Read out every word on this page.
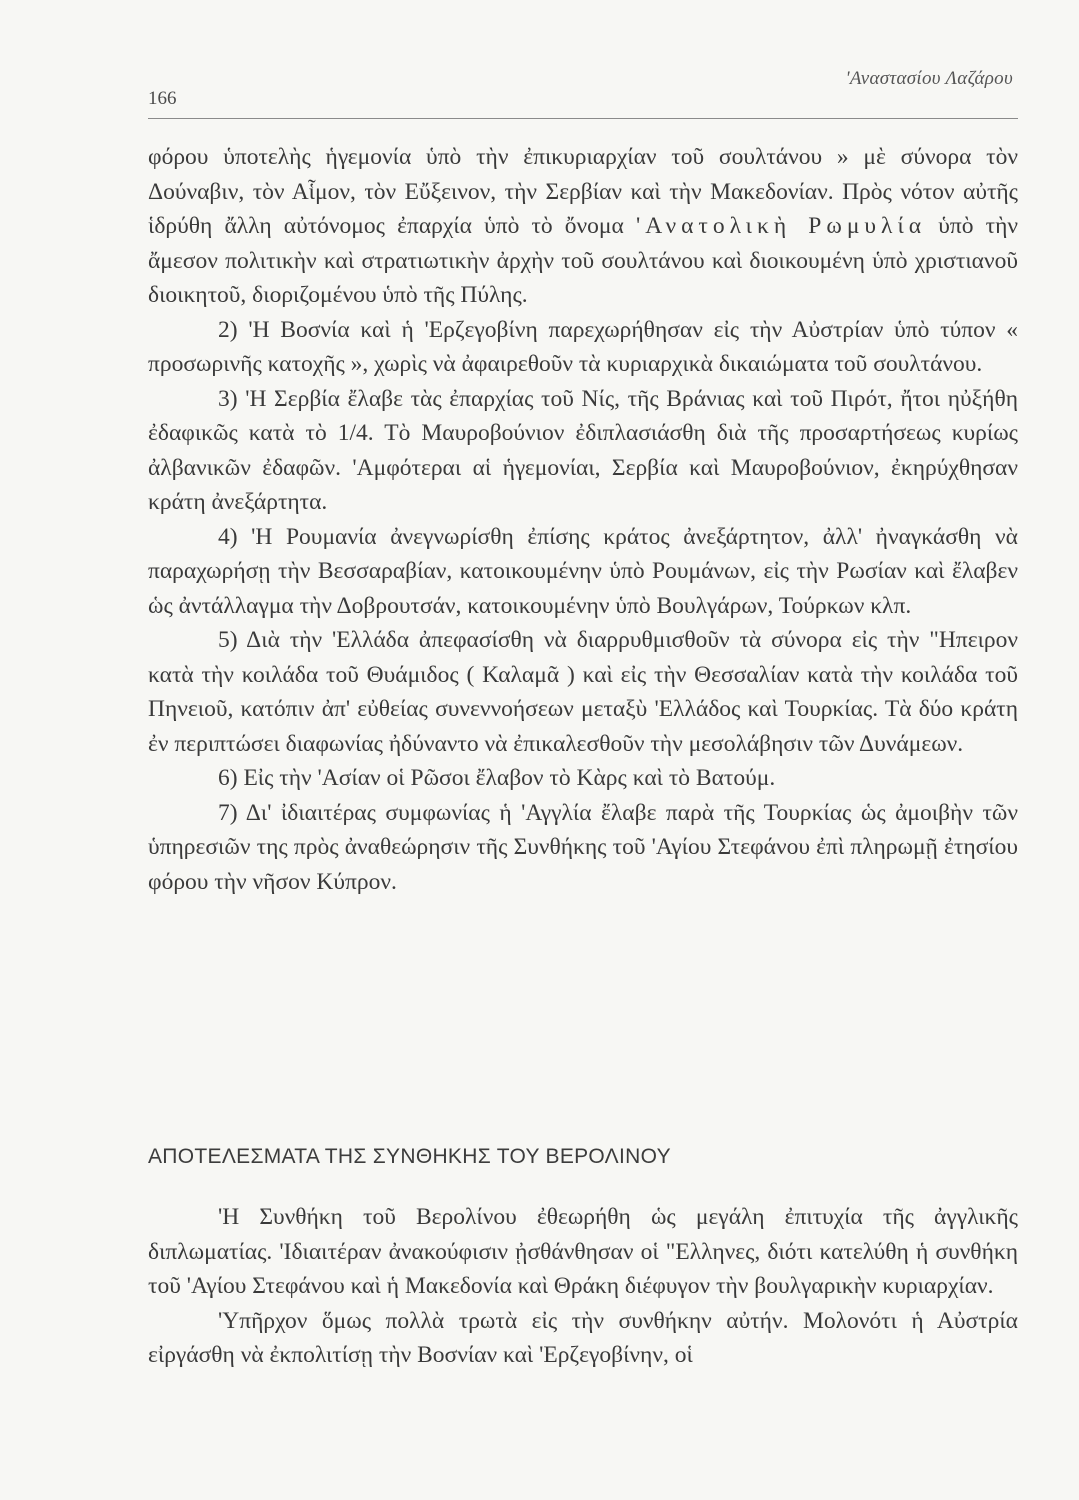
166
'Αναστασίου Λαζάρου

φόρου ὑποτελὴς ἡγεμονία ὑπὸ τὴν ἐπικυριαρχίαν τοῦ σουλτάνου » μὲ σύνορα τὸν Δούναβιν, τὸν Αἷμον, τὸν Εὔξεινον, τὴν Σερβίαν καὶ τὴν Μακεδονίαν. Πρὸς νότον αὐτῆς ἱδρύθη ἄλλη αὐτόνομος ἐπαρχία ὑπὸ τὸ ὄνομα 'Ανατολικὴ Ρωμυλία ὑπὸ τὴν ἄμεσον πολιτικὴν καὶ στρατιωτικὴν ἀρχὴν τοῦ σουλτάνου καὶ διοικουμένη ὑπὸ χριστιανοῦ διοικητοῦ, διοριζομένου ὑπὸ τῆς Πύλης.

2) 'Η Βοσνία καὶ ἡ 'Ερζεγοβίνη παρεχωρήθησαν εἰς τὴν Αὐστρίαν ὑπὸ τύπον « προσωρινῆς κατοχῆς », χωρὶς νὰ ἀφαιρεθοῦν τὰ κυριαρχικὰ δικαιώματα τοῦ σουλτάνου.

3) 'Η Σερβία ἔλαβε τὰς ἐπαρχίας τοῦ Νίς, τῆς Βράνιας καὶ τοῦ Πιρότ, ἤτοι ηὐξήθη ἐδαφικῶς κατὰ τὸ 1/4. Τὸ Μαυροβούνιον ἐδιπλασιάσθη διὰ τῆς προσαρτήσεως κυρίως ἀλβανικῶν ἐδαφῶν. 'Αμφότεραι αἱ ἡγεμονίαι, Σερβία καὶ Μαυροβούνιον, ἐκηρύχθησαν κράτη ἀνεξάρτητα.

4) 'Η Ρουμανία ἀνεγνωρίσθη ἐπίσης κράτος ἀνεξάρτητον, ἀλλ' ἠναγκάσθη νὰ παραχωρήσῃ τὴν Βεσσαραβίαν, κατοικουμένην ὑπὸ Ρουμάνων, εἰς τὴν Ρωσίαν καὶ ἔλαβεν ὡς ἀντάλλαγμα τὴν Δοβρουτσάν, κατοικουμένην ὑπὸ Βουλγάρων, Τούρκων κλπ.

5) Διὰ τὴν 'Ελλάδα ἀπεφασίσθη νὰ διαρρυθμισθοῦν τὰ σύνορα εἰς τὴν "Ηπειρον κατὰ τὴν κοιλάδα τοῦ Θυάμιδος ( Καλαμᾶ ) καὶ εἰς τὴν Θεσσαλίαν κατὰ τὴν κοιλάδα τοῦ Πηνειοῦ, κατόπιν ἀπ' εὐθείας συνεννοήσεων μεταξὺ 'Ελλάδος καὶ Τουρκίας. Τὰ δύο κράτη ἐν περιπτώσει διαφωνίας ἠδύναντο νὰ ἐπικαλεσθοῦν τὴν μεσολάβησιν τῶν Δυνάμεων.

6) Εἰς τὴν 'Ασίαν οἱ Ρῶσοι ἔλαβον τὸ Κὰρς καὶ τὸ Βατούμ.

7) Δι' ἰδιαιτέρας συμφωνίας ἡ 'Αγγλία ἔλαβε παρὰ τῆς Τουρκίας ὡς ἀμοιβὴν τῶν ὑπηρεσιῶν της πρὸς ἀναθεώρησιν τῆς Συνθήκης τοῦ 'Αγίου Στεφάνου ἐπὶ πληρωμῇ ἐτησίου φόρου τὴν νῆσον Κύπρον.

ΑΠΟΤΕΛΕΣΜΑΤΑ ΤΗΣ ΣΥΝΘΗΚΗΣ ΤΟΥ ΒΕΡΟΛΙΝΟΥ

'Η Συνθήκη τοῦ Βερολίνου ἐθεωρήθη ὡς μεγάλη ἐπιτυχία τῆς ἀγγλικῆς διπλωματίας. 'Ιδιαιτέραν ἀνακούφισιν ᾐσθάνθησαν οἱ "Ελληνες, διότι κατελύθη ἡ συνθήκη τοῦ 'Αγίου Στεφάνου καὶ ἡ Μακεδονία καὶ Θράκη διέφυγον τὴν βουλγαρικὴν κυριαρχίαν.

'Υπῆρχον ὅμως πολλὰ τρωτὰ εἰς τὴν συνθήκην αὐτήν. Μολονότι ἡ Αὐστρία εἰργάσθη νὰ ἐκπολιτίσῃ τὴν Βοσνίαν καὶ 'Ερζεγοβίνην, οἱ
